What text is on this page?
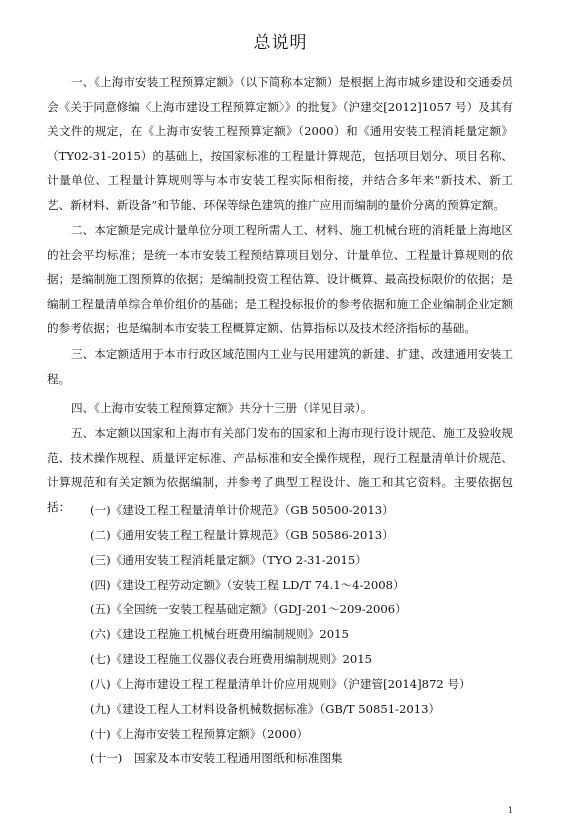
总说明
一、《上海市安装工程预算定额》（以下简称本定额）是根据上海市城乡建设和交通委员会《关于同意修编〈上海市建设工程预算定额〉》的批复》（沪建交[2012]1057 号）及其有关文件的规定，在《上海市安装工程预算定额》（2000）和《通用安装工程消耗量定额》（TY02-31-2015）的基础上，按国家标准的工程量计算规范，包括项目划分、项目名称、计量单位、工程量计算规则等与本市安装工程实际相衔接，并结合多年来“新技术、新工艺、新材料、新设备”和节能、环保等绿色建筑的推广应用而编制的量价分离的预算定额。
二、本定额是完成计量单位分项工程所需人工、材料、施工机械台班的消耗量上海地区的社会平均标准；是统一本市安装工程预结算项目划分、计量单位、工程量计算规则的依据；是编制施工图预算的依据；是编制投资工程估算、设计概算、最高投标限价的依据；是编制工程量清单综合单价组价的基础；是工程投标报价的参考依据和施工企业编制企业定额的参考依据；也是编制本市安装工程概算定额、估算指标以及技术经济指标的基础。
三、本定额适用于本市行政区域范围内工业与民用建筑的新建、扩建、改建通用安装工程。
四、《上海市安装工程预算定额》共分十三册（详见目录）。
五、本定额以国家和上海市有关部门发布的国家和上海市现行设计规范、施工及验收规范、技术操作规程、质量评定标准、产品标准和安全操作规程，现行工程量清单计价规范、计算规范和有关定额为依据编制，并参考了典型工程设计、施工和其它资料。主要依据包括：	(一)《建设工程工程量清单计价规范》（GB 50500-2013）
(二)《通用安装工程工程量计算规范》（GB 50586-2013）
(三)《通用安装工程消耗量定额》（TYO 2-31-2015）
(四)《建设工程劳动定额》（安装工程 LD/T 74.1～4-2008）
(五)《全国统一安装工程基础定额》（GDJ-201～209-2006）
(六)《建设工程施工机械台班费用编制规则》2015
(七)《建设工程施工仪器仪表台班费用编制规则》2015
(八)《上海市建设工程工程量清单计价应用规则》（沪建管[2014]872 号）
(九)《建设工程人工材料设备机械数据标准》（GB/T 50851-2013）
(十)《上海市安装工程预算定额》（2000）
(十一)　国家及本市安装工程通用图纸和标准图集
1
